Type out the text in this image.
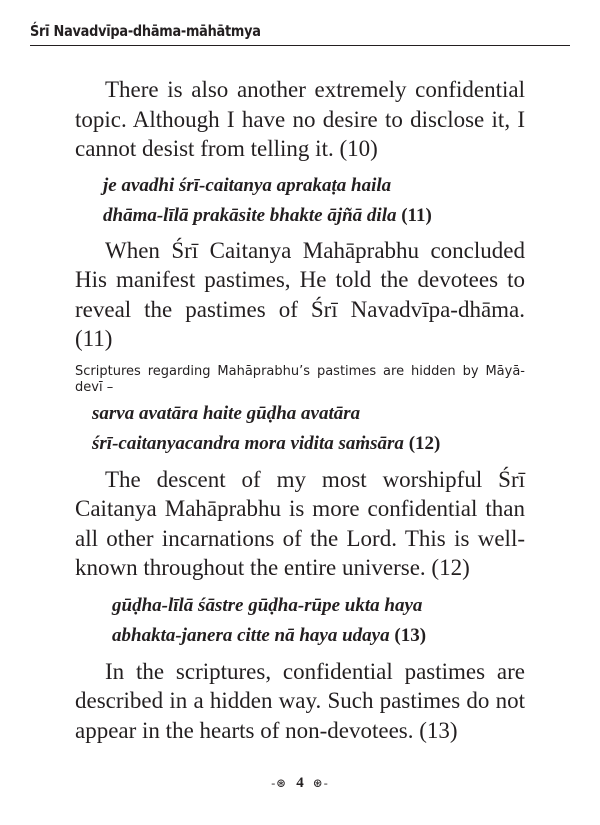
Śrī Navadvīpa-dhāma-māhātmya

There is also another extremely confidential topic. Although I have no desire to disclose it, I cannot desist from telling it. (10)

je avadhi śrī-caitanya aprakaṭa haila
dhāma-līlā prakāsite bhakte ājñā dila (11)

When Śrī Caitanya Mahāprabhu concluded His manifest pastimes, He told the devotees to reveal the pastimes of Śrī Navadvīpa-dhāma. (11)

Scriptures regarding Mahāprabhu’s pastimes are hidden by Māyā-devī –

sarva avatāra haite gūḍha avatāra
śrī-caitanyacandra mora vidita saṁsāra (12)

The descent of my most worshipful Śrī Caitanya Mahāprabhu is more confidential than all other incarnations of the Lord. This is well-known throughout the entire universe. (12)

gūḍha-līlā śāstre gūḍha-rūpe ukta haya
abhakta-janera citte nā haya udaya (13)

In the scriptures, confidential pastimes are described in a hidden way. Such pastimes do not appear in the hearts of non-devotees. (13)

-⊛ 4 ⊛-
